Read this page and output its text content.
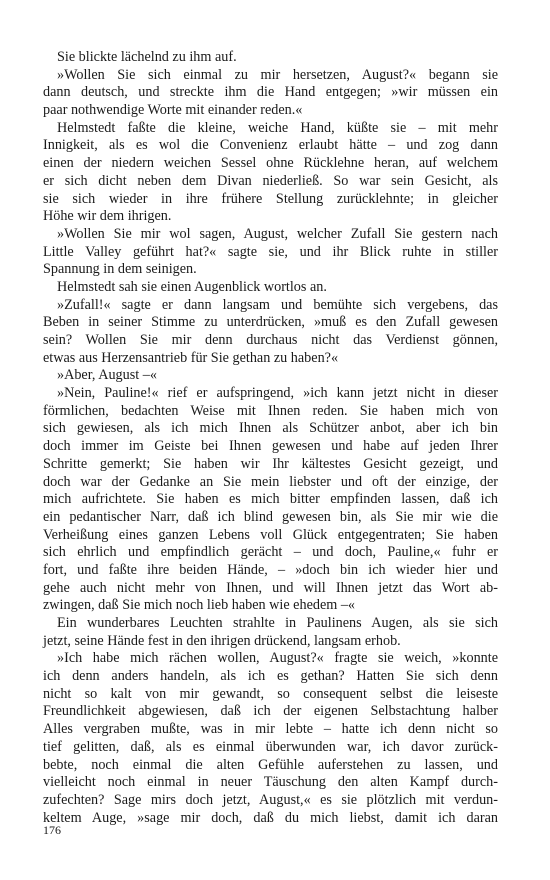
Sie blickte lächelnd zu ihm auf.
»Wollen Sie sich einmal zu mir hersetzen, August?« begann sie
dann deutsch, und streckte ihm die Hand entgegen; »wir müssen ein
paar nothwendige Worte mit einander reden.«
Helmstedt faßte die kleine, weiche Hand, küßte sie – mit mehr
Innigkeit, als es wol die Convenienz erlaubt hätte – und zog dann
einen der niedern weichen Sessel ohne Rücklehne heran, auf welchem
er sich dicht neben dem Divan niederließ. So war sein Gesicht, als
sie sich wieder in ihre frühere Stellung zurücklehnte; in gleicher
Höhe wir dem ihrigen.
»Wollen Sie mir wol sagen, August, welcher Zufall Sie gestern nach
Little Valley geführt hat?« sagte sie, und ihr Blick ruhte in stiller
Spannung in dem seinigen.
Helmstedt sah sie einen Augenblick wortlos an.
»Zufall!« sagte er dann langsam und bemühte sich vergebens, das
Beben in seiner Stimme zu unterdrücken, »muß es den Zufall gewesen
sein? Wollen Sie mir denn durchaus nicht das Verdienst gönnen,
etwas aus Herzensantrieb für Sie gethan zu haben?«
»Aber, August –«
»Nein, Pauline!« rief er aufspringend, »ich kann jetzt nicht in dieser
förmlichen, bedachten Weise mit Ihnen reden. Sie haben mich von
sich gewiesen, als ich mich Ihnen als Schützer anbot, aber ich bin
doch immer im Geiste bei Ihnen gewesen und habe auf jeden Ihrer
Schritte gemerkt; Sie haben wir Ihr kältestes Gesicht gezeigt, und
doch war der Gedanke an Sie mein liebster und oft der einzige, der
mich aufrichtete. Sie haben es mich bitter empfinden lassen, daß ich
ein pedantischer Narr, daß ich blind gewesen bin, als Sie mir wie die
Verheißung eines ganzen Lebens voll Glück entgegentraten; Sie haben
sich ehrlich und empfindlich gerächt – und doch, Pauline,« fuhr er
fort, und faßte ihre beiden Hände, – »doch bin ich wieder hier und
gehe auch nicht mehr von Ihnen, und will Ihnen jetzt das Wort ab-
zwingen, daß Sie mich noch lieb haben wie ehedem –«
Ein wunderbares Leuchten strahlte in Paulinens Augen, als sie sich
jetzt, seine Hände fest in den ihrigen drückend, langsam erhob.
»Ich habe mich rächen wollen, August?« fragte sie weich, »konnte
ich denn anders handeln, als ich es gethan? Hatten Sie sich denn
nicht so kalt von mir gewandt, so consequent selbst die leiseste
Freundlichkeit abgewiesen, daß ich der eigenen Selbstachtung halber
Alles vergraben mußte, was in mir lebte – hatte ich denn nicht so
tief gelitten, daß, als es einmal überwunden war, ich davor zurück-
bebte, noch einmal die alten Gefühle auferstehen zu lassen, und
vielleicht noch einmal in neuer Täuschung den alten Kampf durch-
zufechten? Sage mirs doch jetzt, August,« es sie plötzlich mit verdun-
keltem Auge, »sage mir doch, daß du mich liebst, damit ich daran
176
